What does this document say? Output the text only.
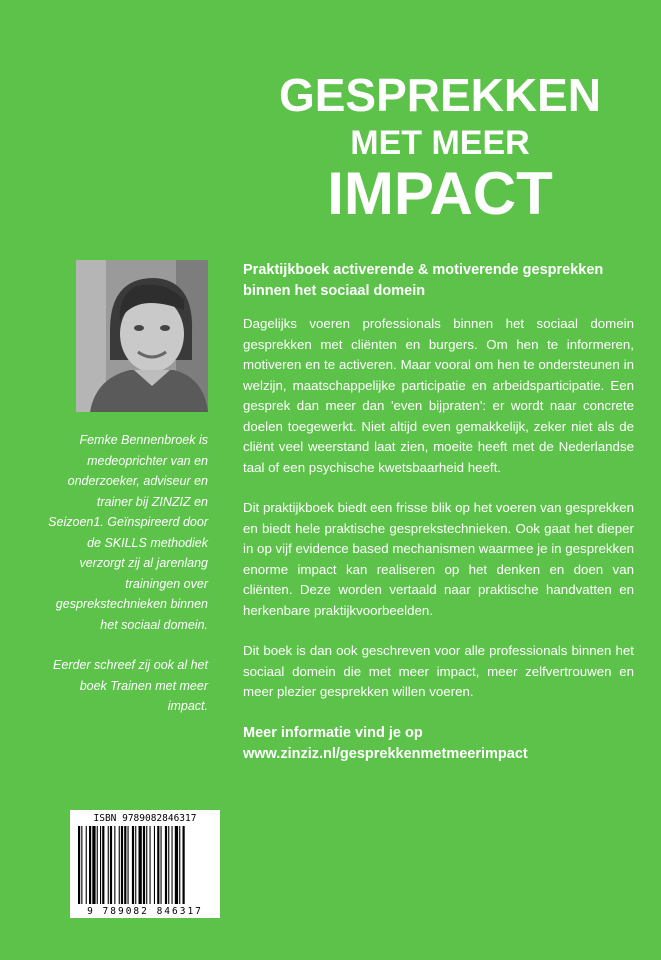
GESPREKKEN
MET MEER
IMPACT

Femke Bennenbroek is medeoprichter van en onderzoeker, adviseur en trainer bij ZINZIZ en Seizoen1. Geïnspireerd door de SKILLS methodiek verzorgt zij al jarenlang trainingen over gesprekstechnieken binnen het sociaal domein.

Eerder schreef zij ook al het boek Trainen met meer impact.

Praktijkboek activerende & motiverende gesprekken binnen het sociaal domein

Dagelijks voeren professionals binnen het sociaal domein gesprekken met cliënten en burgers. Om hen te informeren, motiveren en te activeren. Maar vooral om hen te ondersteunen in welzijn, maatschappelijke participatie en arbeidsparticipatie. Een gesprek dan meer dan 'even bijpraten': er wordt naar concrete doelen toegewerkt. Niet altijd even gemakkelijk, zeker niet als de cliënt veel weerstand laat zien, moeite heeft met de Nederlandse taal of een psychische kwetsbaarheid heeft.

Dit praktijkboek biedt een frisse blik op het voeren van gesprekken en biedt hele praktische gesprekstechnieken. Ook gaat het dieper in op vijf evidence based mechanismen waarmee je in gesprekken enorme impact kan realiseren op het denken en doen van cliënten. Deze worden vertaald naar praktische handvatten en herkenbare praktijkvoorbeelden.

Dit boek is dan ook geschreven voor alle professionals binnen het sociaal domein die met meer impact, meer zelfvertrouwen en meer plezier gesprekken willen voeren.

Meer informatie vind je op
www.zinziz.nl/gesprekkenmetmeerimpact

ISBN 9789082846317
9 789082 846317
